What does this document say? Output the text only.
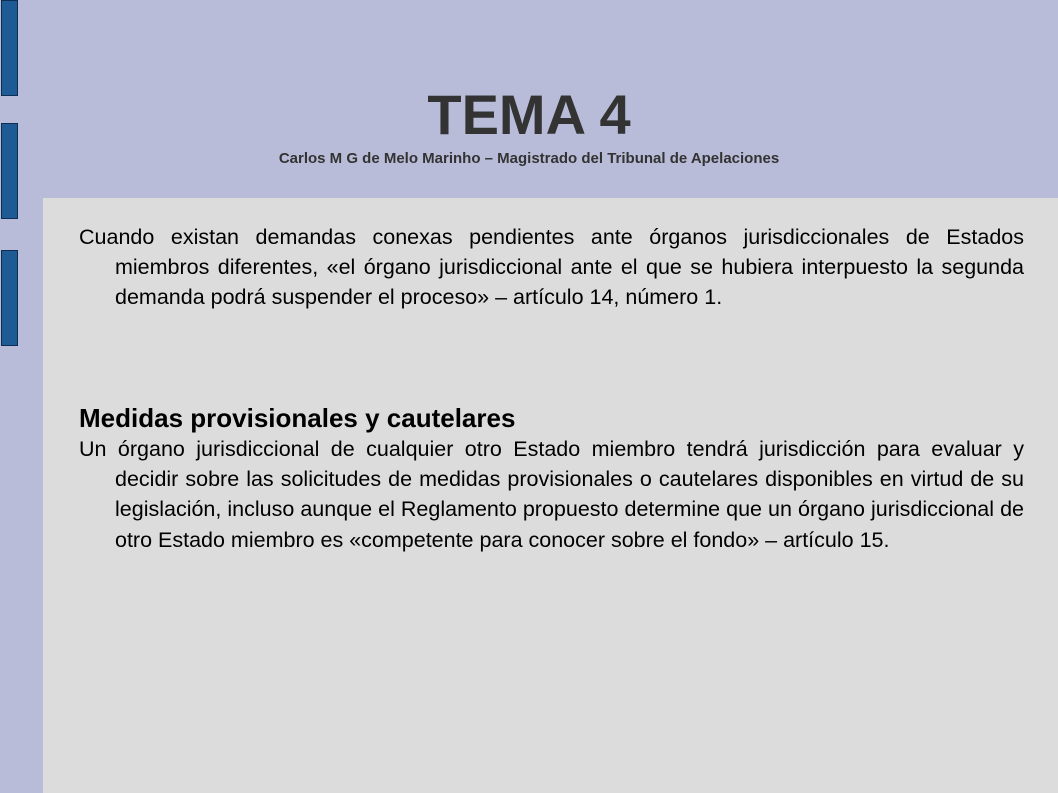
TEMA 4
Carlos M G de Melo Marinho – Magistrado del Tribunal de Apelaciones

Cuando existan demandas conexas pendientes ante órganos jurisdiccionales de Estados miembros diferentes, «el órgano jurisdiccional ante el que se hubiera interpuesto la segunda demanda podrá suspender el proceso» – artículo 14, número 1.

Medidas provisionales y cautelares

Un órgano jurisdiccional de cualquier otro Estado miembro tendrá jurisdicción para evaluar y decidir sobre las solicitudes de medidas provisionales o cautelares disponibles en virtud de su legislación, incluso aunque el Reglamento propuesto determine que un órgano jurisdiccional de otro Estado miembro es «competente para conocer sobre el fondo» – artículo 15.
